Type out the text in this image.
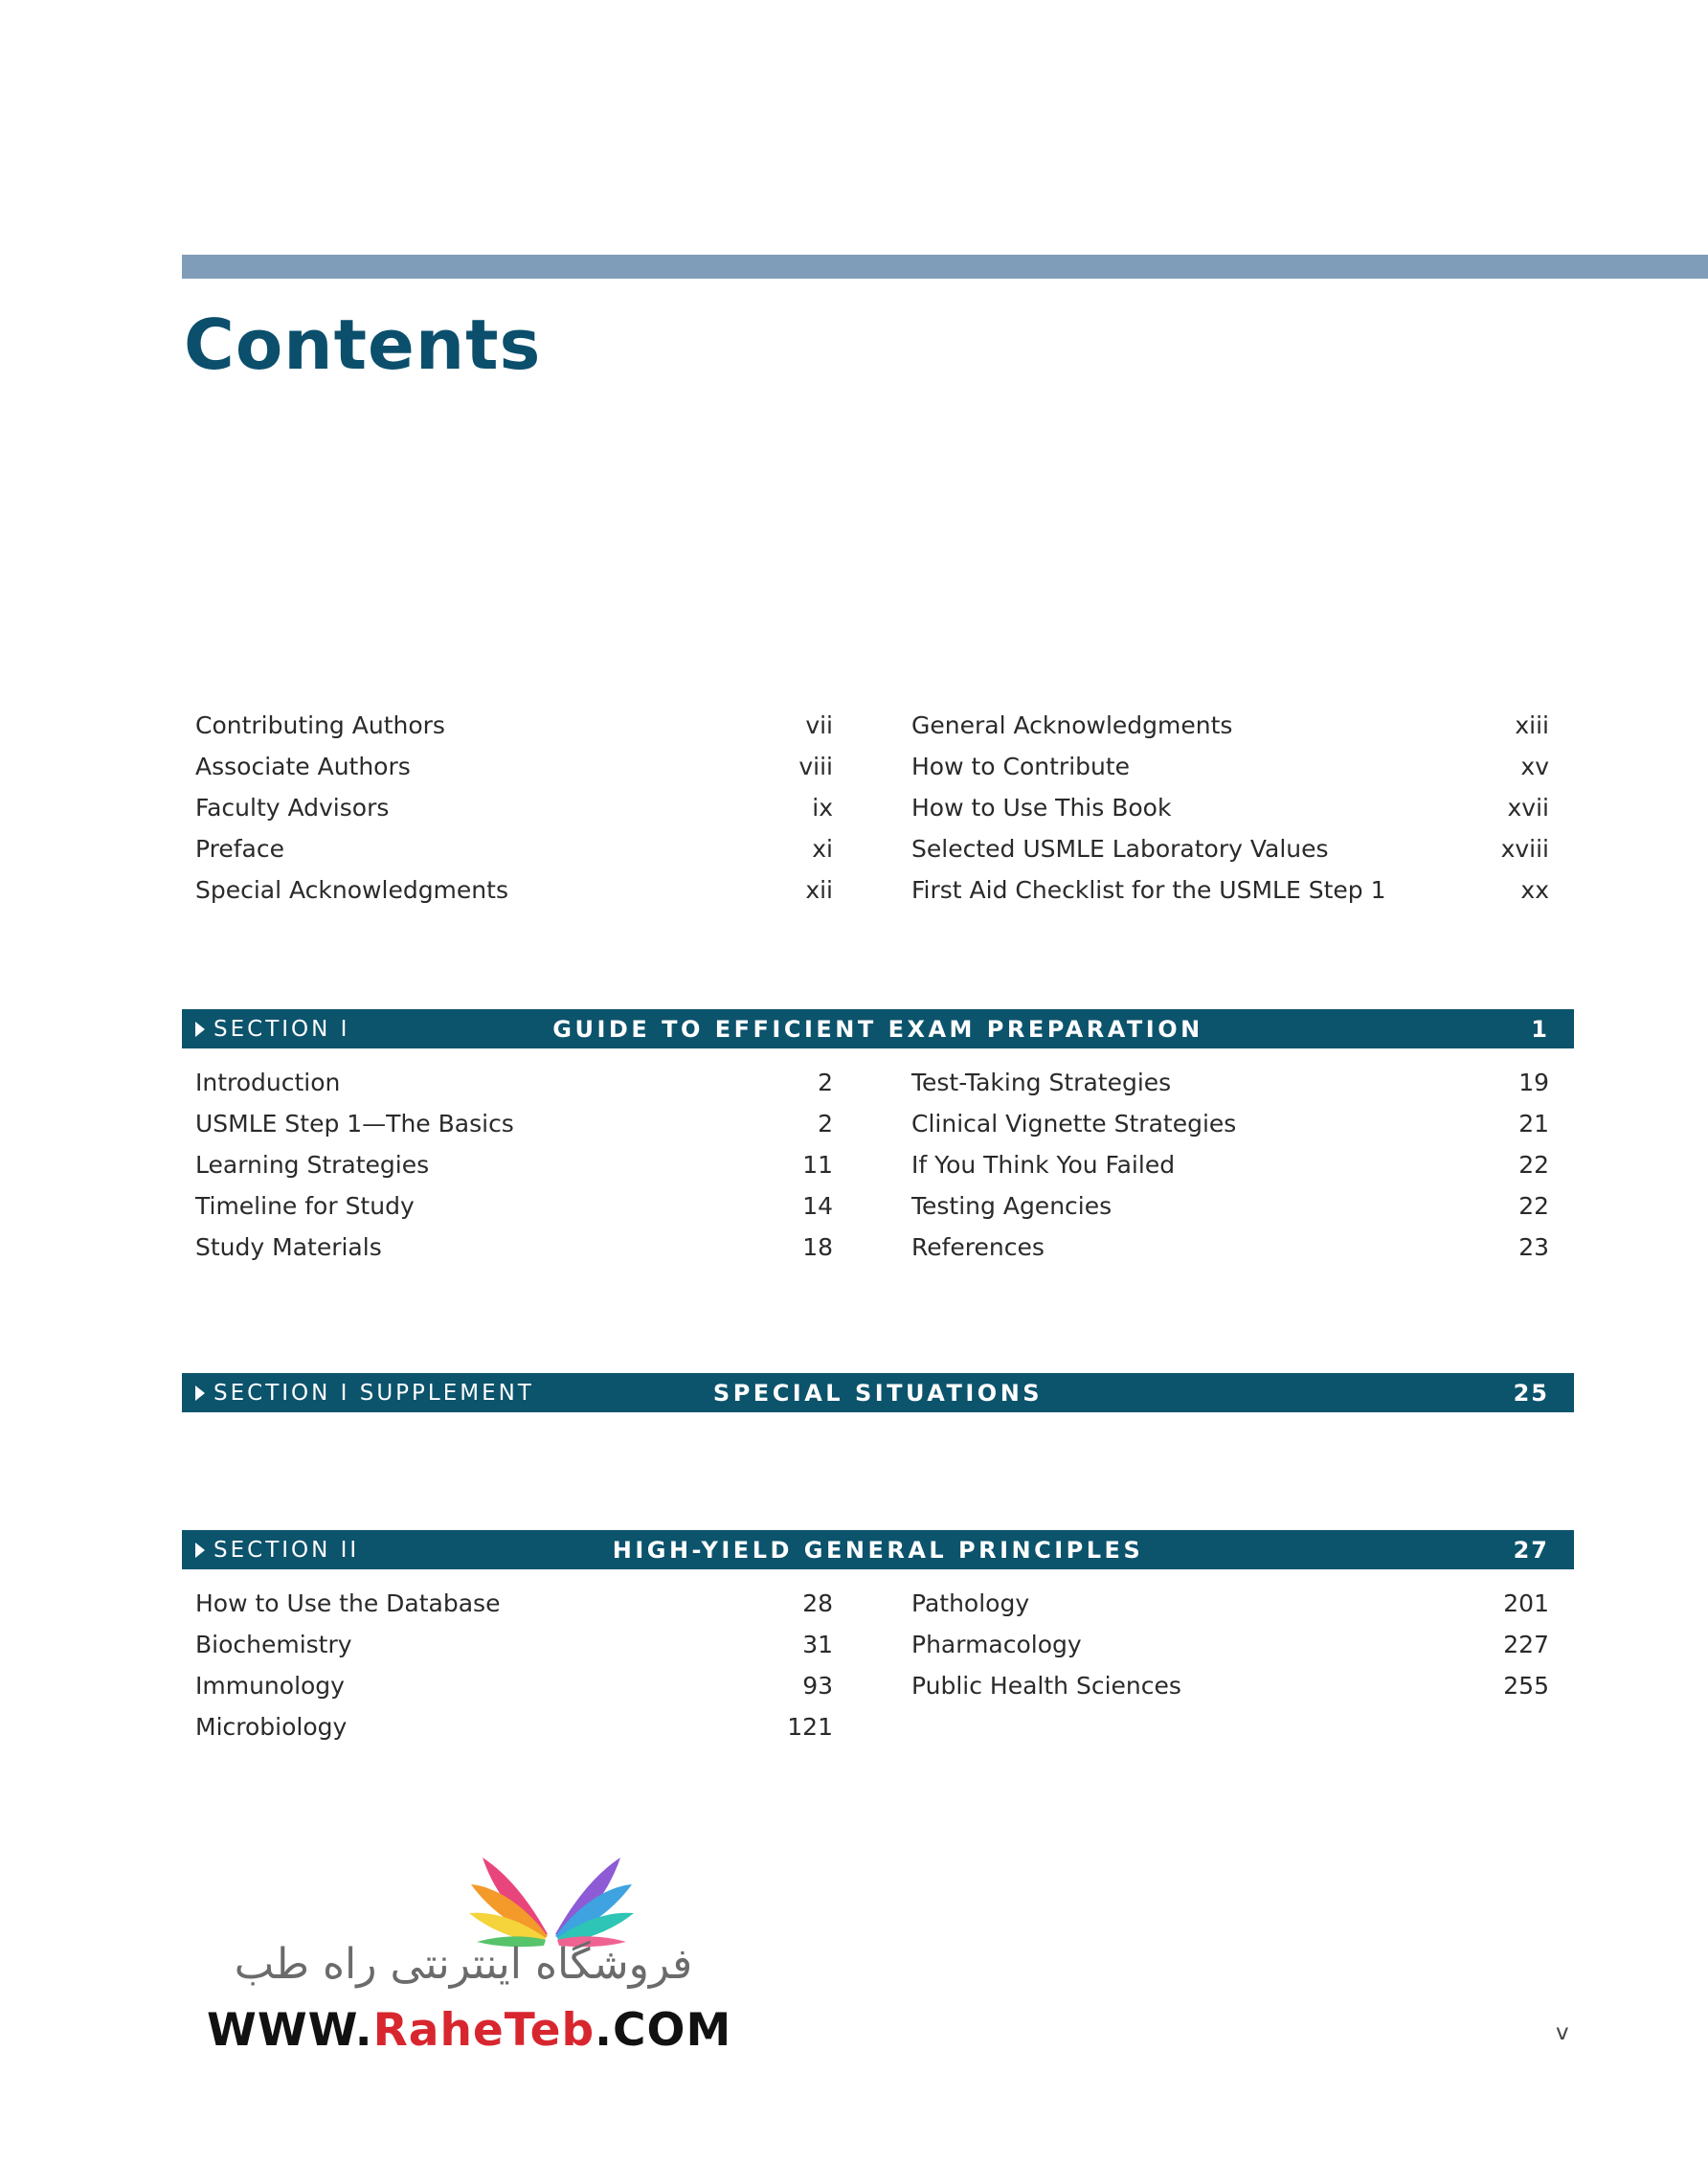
Contents
Contributing Authors	vii
Associate Authors	viii
Faculty Advisors	ix
Preface	xi
Special Acknowledgments	xii
General Acknowledgments	xiii
How to Contribute	xv
How to Use This Book	xvii
Selected USMLE Laboratory Values	xviii
First Aid Checklist for the USMLE Step 1	xx
SECTION I	GUIDE TO EFFICIENT EXAM PREPARATION	1
Introduction	2
USMLE Step 1—The Basics	2
Learning Strategies	11
Timeline for Study	14
Study Materials	18
Test-Taking Strategies	19
Clinical Vignette Strategies	21
If You Think You Failed	22
Testing Agencies	22
References	23
SECTION I SUPPLEMENT	SPECIAL SITUATIONS	25
SECTION II	HIGH-YIELD GENERAL PRINCIPLES	27
How to Use the Database	28
Biochemistry	31
Immunology	93
Microbiology	121
Pathology	201
Pharmacology	227
Public Health Sciences	255
فروشگاه اینترنتی راه طب
WWW.RaheTeb.COM	v
